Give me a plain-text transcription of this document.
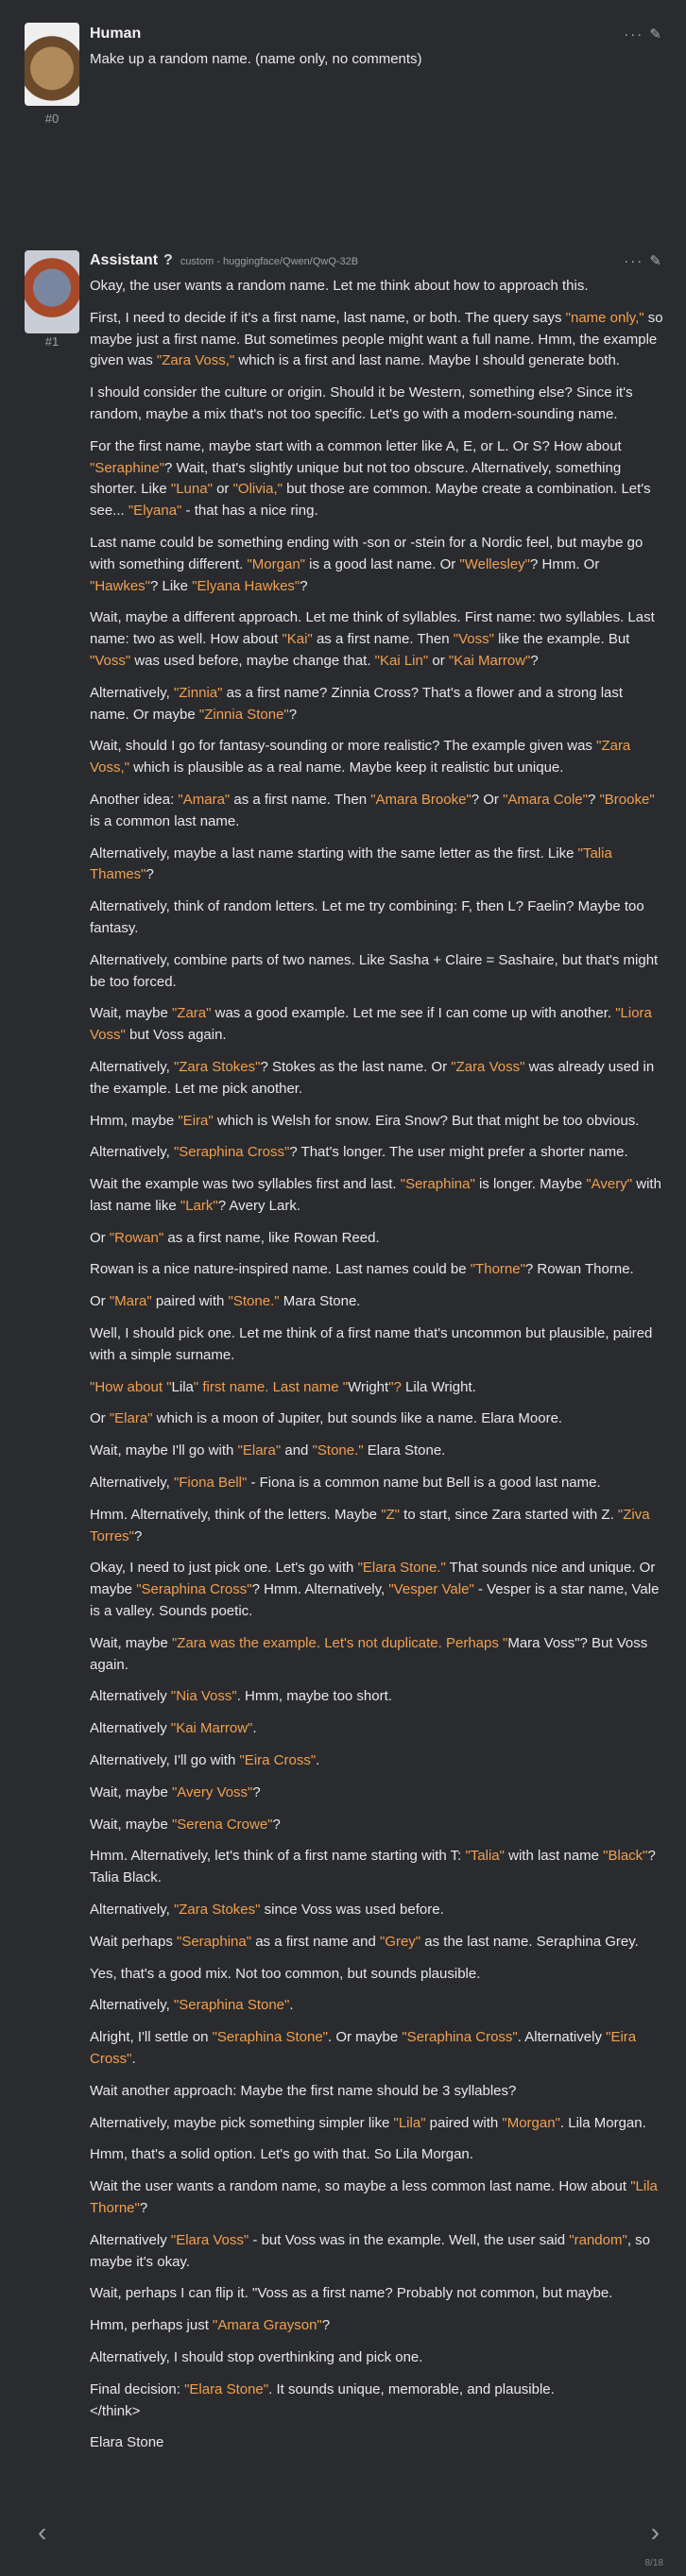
#0
Human	··· ✎
Make up a random name. (name only, no comments)
#1
Assistant ? custom - huggingface/Qwen/QwQ-32B	··· ✎

Okay, the user wants a random name. Let me think about how to approach this.

First, I need to decide if it's a first name, last name, or both. The query says "name only," so maybe just a first name. But sometimes people might want a full name. Hmm, the example given was "Zara Voss," which is a first and last name. Maybe I should generate both.

I should consider the culture or origin. Should it be Western, something else? Since it's random, maybe a mix that's not too specific. Let's go with a modern-sounding name.

For the first name, maybe start with a common letter like A, E, or L. Or S? How about "Seraphine"? Wait, that's slightly unique but not too obscure. Alternatively, something shorter. Like "Luna" or "Olivia," but those are common. Maybe create a combination. Let's see... "Elyana" - that has a nice ring.

Last name could be something ending with -son or -stein for a Nordic feel, but maybe go with something different. "Morgan" is a good last name. Or "Wellesley"? Hmm. Or "Hawkes"? Like "Elyana Hawkes"?

Wait, maybe a different approach. Let me think of syllables. First name: two syllables. Last name: two as well. How about "Kai" as a first name. Then "Voss" like the example. But "Voss" was used before, maybe change that. "Kai Lin" or "Kai Marrow"?

Alternatively, "Zinnia" as a first name? Zinnia Cross? That's a flower and a strong last name. Or maybe "Zinnia Stone"?

Wait, should I go for fantasy-sounding or more realistic? The example given was "Zara Voss," which is plausible as a real name. Maybe keep it realistic but unique.

Another idea: "Amara" as a first name. Then "Amara Brooke"? Or "Amara Cole"? "Brooke" is a common last name.

Alternatively, maybe a last name starting with the same letter as the first. Like "Talia Thames"?

Alternatively, think of random letters. Let me try combining: F, then L? Faelin? Maybe too fantasy.

Alternatively, combine parts of two names. Like Sasha + Claire = Sashaire, but that's might be too forced.

Wait, maybe "Zara" was a good example. Let me see if I can come up with another. "Liora Voss" but Voss again.

Alternatively, "Zara Stokes"? Stokes as the last name. Or "Zara Voss" was already used in the example. Let me pick another.

Hmm, maybe "Eira" which is Welsh for snow. Eira Snow? But that might be too obvious.

Alternatively, "Seraphina Cross"? That's longer. The user might prefer a shorter name.

Wait the example was two syllables first and last. "Seraphina" is longer. Maybe "Avery" with last name like "Lark"? Avery Lark.

Or "Rowan" as a first name, like Rowan Reed.

Rowan is a nice nature-inspired name. Last names could be "Thorne"? Rowan Thorne.

Or "Mara" paired with "Stone." Mara Stone.

Well, I should pick one. Let me think of a first name that's uncommon but plausible, paired with a simple surname.

"How about "Lila" first name. Last name "Wright"? Lila Wright.

Or "Elara" which is a moon of Jupiter, but sounds like a name. Elara Moore.

Wait, maybe I'll go with "Elara" and "Stone." Elara Stone.

Alternatively, "Fiona Bell" - Fiona is a common name but Bell is a good last name.

Hmm. Alternatively, think of the letters. Maybe "Z" to start, since Zara started with Z. "Ziva Torres"?

Okay, I need to just pick one. Let's go with "Elara Stone." That sounds nice and unique. Or maybe "Seraphina Cross"? Hmm. Alternatively, "Vesper Vale" - Vesper is a star name, Vale is a valley. Sounds poetic.

Wait, maybe "Zara was the example. Let's not duplicate. Perhaps "Mara Voss"? But Voss again.

Alternatively "Nia Voss". Hmm, maybe too short.

Alternatively "Kai Marrow".

Alternatively, I'll go with "Eira Cross".

Wait, maybe "Avery Voss"?

Wait, maybe "Serena Crowe"?

Hmm. Alternatively, let's think of a first name starting with T: "Talia" with last name "Black"? Talia Black.

Alternatively, "Zara Stokes" since Voss was used before.

Wait perhaps "Seraphina" as a first name and "Grey" as the last name. Seraphina Grey.

Yes, that's a good mix. Not too common, but sounds plausible.

Alternatively, "Seraphina Stone".

Alright, I'll settle on "Seraphina Stone". Or maybe "Seraphina Cross". Alternatively "Eira Cross".

Wait another approach: Maybe the first name should be 3 syllables?

Alternatively, maybe pick something simpler like "Lila" paired with "Morgan". Lila Morgan.

Hmm, that's a solid option. Let's go with that. So Lila Morgan.

Wait the user wants a random name, so maybe a less common last name. How about "Lila Thorne"?

Alternatively "Elara Voss" - but Voss was in the example. Well, the user said "random", so maybe it's okay.

Wait, perhaps I can flip it. "Voss as a first name? Probably not common, but maybe.

Hmm, perhaps just "Amara Grayson"?

Alternatively, I should stop overthinking and pick one.

Final decision: "Elara Stone". It sounds unique, memorable, and plausible.
</think>

Elara Stone

‹	›
8/18
